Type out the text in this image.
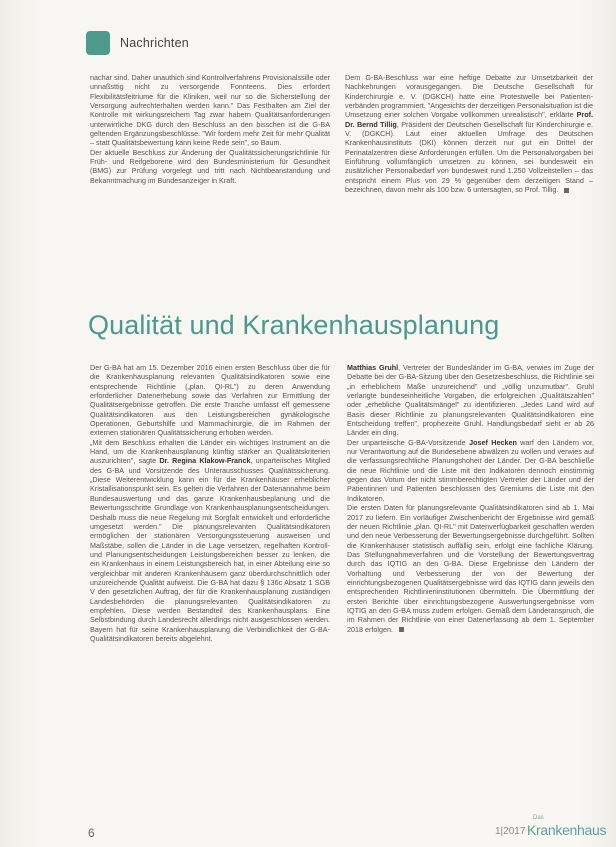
Nachrichten

nachar sind. Daher unauthich sind Kontrollverfahrens Provisionalssille oder unnaßsttig nicht zu versorgende Fonnteens. Dies erfordert Flexibilitätsfeitriume für die Kliniken, weil nur so die Sicherstellung der Versorgung aufrechterhalten werden kann." Das Festhalten am Ziel der Kontrolle mit wirkungsreichem Tag zwar habern Qualitätsanforderungen unterwirrliche DKG durch den Beschluss an den bisschen ist die G-BA geltenden Ergänzungsbeschlüsse. "Wir fordern mehr Zeit für mehr Qualität – statt Qualitätsbewertung kann keine Rede sein", so Baum.

Der aktuelle Beschluss zur Änderung der Qualitätssicherungsrichtlinie für Früh- und Reifgeborene wird den Bundesministerium für Gesundheit (BMG) zur Prüfung vorgelegt und tritt nach Nichtbeanstandung und Bekanntmachung im Bundesanzeiger in Kraft.

Dem G-BA-Beschluss war eine heftige Debatte zur Umsetzbarkeit der Nachkehrungen vorausgegangen. Die Deutsche Gesellschaft für Kinderchirurgie e. V. (DGKCH) hatte eine Protestwelle bei Patienten-verbänden programmiert. "Angesichts der derzeitigen Personalsituation ist die Umsetzung einer solchen Vorgabe vollkommen unrealistisch", erklärte Prof. Dr. Bernd Tillig, Präsident der Deutschen Gesellschaft für Kinderchirurgie e. V. (DGKCH). Laut einer aktuellen Umfrage des Deutschen Krankenhausinstituts (DKI) können derzeit nur gut ein Drittel der Perinatalzentren diese Anforderungen erfüllen. Um die Personalvorgaben bei Einführung vollumfänglich umsetzen zu können, sei bundesweit ein zusätzlicher Personalbedarf von bundesweit rund 1.250 Vollzeitstellen – das entspricht einem Plus von 29 % gegenüber dem derzeitigen Stand – bezeichnen, davon mehr als 100 bzw. 6 untersagten, so Prof. Tillig.

Qualität und Krankenhausplanung

Der G-BA hat am 15. Dezember 2016 einen ersten Beschluss über die für die Krankenhausplanung relevanten Qualitätsindikatoren sowie eine entsprechende Richtlinie („plan. QI-RL") zu deren Anwendung erforderlicher Datenerhebung sowie das Verfahren zur Ermittlung der Qualitätsergebnisse getroffen. Die erste Tranche umfasst elf gemessene Qualitätsindikatoren aus den Leistungsbereichen gynäkologische Operationen, Geburtshilfe und Mammachirurgie, die im Rahmen der externen stationären Qualitätssicherung erhoben werden.

„Mit dem Beschluss erhalten die Länder ein wichtiges Instrument an die Hand, um die Krankenhausplanung künftig stärker an Qualitätskriterien auszurichten", sagte Dr. Regina Klakow-Franck, unparteiisches Mitglied des G-BA und Vorsitzende des Unterausschusses Qualitätssicherung. „Diese Weiterentwicklung kann ein für die Krankenhäuser erheblicher Kristallisationspunkt sein. Es gelten die Verfahren der Datenannahme beim Bundesauswertung und das ganze Krankenhausbeplanung und die Bewertungsschritte Grundlage von Krankenhausplanungsentscheidungen. Deshalb muss die neue Regelung mit Sorgfalt entwickelt und erforderliche umgesetzt werden." Die planungsrelevanten Qualitätsindikatoren ermöglichen der stationären Versorgungssteuerung ausweisen und Maßstäbe, sollen die Länder in die Lage versetzen, regelhaften Kontroll- und Planungsentscheidungen Leistungsbereichen besser zu lenken, die ein Krankenhaus in einem Leistungsbereich hat, in einer Abteilung eine so vergleichbar mit anderen Krankenhäusern ganz überdurchschnittlich oder unzureichende Qualität aufweist. Die G-BA hat dazu § 136c Absatz 1 SGB V den gesetzlichen Auftrag, der für die Krankenhausplanung zuständigen Landesbehörden die planungsrelevanten Qualitätsindikatoren zu empfehlen. Diese werden Bestandteil des Krankenhausplans. Eine Selbstbindung durch Landesrecht allerdings nicht ausgeschlossen werden. Bayern hat für seine Krankenhausplanung die Verbindlichkeit der G-BA-Qualitätsindikatoren bereits abgelehnt.

Matthias Gruhl, Vertreter der Bundesländer im G-BA, verwies im Zuge der Debatte bei der G-BA-Sitzung über den Gesetzesbeschluss, die Richtlinie sei „in erheblichem Maße unzureichend" und „völlig unzumutbar". Gruhl verlangte bundeseinheitliche Vorgaben, die erfolgreichen „Qualitätszahlen" oder „erhebliche Qualitätsmängel" zu identifizieren. „Jedes Land wird auf Basis dieser Richtlinie zu planungsrelevanten Qualitätsindikatoren eine Entscheidung treffen", prophezeite Gruhl. Handlungsbedarf sieht er ab 26 Länder ein ding.

Der unparteiische G-BA-Vorsitzende Josef Hecken warf den Ländern vor, nur Verantwortung auf die Bundesebene abwälzen zu wollen und verwies auf die verfassungsrechtliche Planungshoheit der Länder. Der G-BA beschließe die neue Richtlinie und die Liste mit den Indikatoren dennoch einstimmig gegen das Votum der nicht stimmberechtigten Vertreter der Länder und der Patientinnen und Patienten beschlossen des Gremiums die Liste mit den Indikatoren.

Die ersten Daten für planungsrelevante Qualitätsindikatoren sind ab 1. Mai 2017 zu liefern. Ein vorläufiger Zwischenbericht der Ergebnisse wird gemäß der neuen Richtlinie „plan. QI-RL" mit Datenverfügbarkeit geschaffen werden und den neue Verbesserung der Bewertungsergebnisse durchgeführt. Sollten die Krankenhäuser statistisch auffällig sein, erfolgt eine fachliche Klärung. Das Stellungnahmeverfahren und die Vorstellung der Bewertungsvertrag durch das IQTIG an den G-BA. Diese Ergebnisse den Ländern der Vorhaltung und Verbesserung der von der Bewertung der einrichtungsbezogenen Qualitätsergebnisse wird das IQTIG dann jeweils den entsprechenden Richtlinieninstitutionen übermitteln. Die Übermittlung der ersten Berichte über einrichtungsbezogene Auswertungsergebnisse vom IQTIG an den G-BA muss zudem erfolgen. Gemäß dem Länderanspruch, die im Rahmen der Richtlinie von einer Datenerfassung ab dem 1. September 2018 erfolgen.

6	1|2017
Das
Krankenhaus
